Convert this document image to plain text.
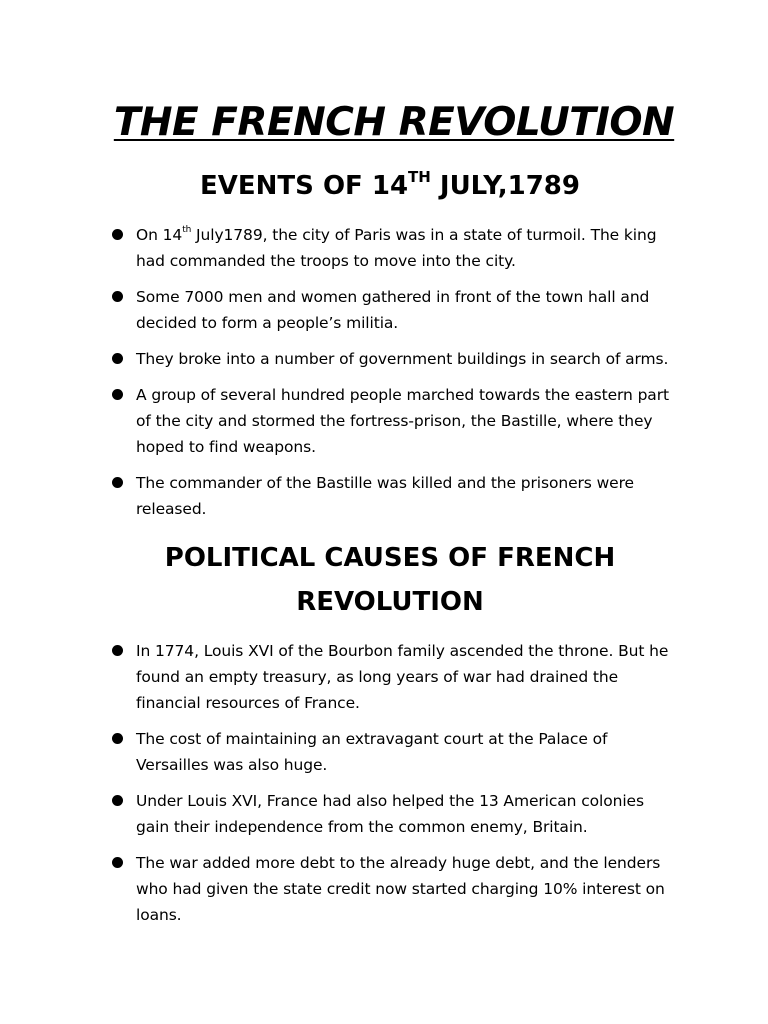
THE FRENCH REVOLUTION
EVENTS OF 14TH JULY,1789
On 14th July1789, the city of Paris was in a state of turmoil. The king had commanded the troops to move into the city.
Some 7000 men and women gathered in front of the town hall and decided to form a people’s militia.
They broke into a number of government buildings in search of arms.
A group of several hundred people marched towards the eastern part of the city and stormed the fortress-prison, the Bastille, where they hoped to find weapons.
The commander of the Bastille was killed and the prisoners were released.
POLITICAL CAUSES OF FRENCH REVOLUTION
In 1774, Louis XVI of the Bourbon family ascended the throne. But he found an empty treasury, as long years of war had drained the financial resources of France.
The cost of maintaining an extravagant court at the Palace of Versailles was also huge.
Under Louis XVI, France had also helped the 13 American colonies gain their independence from the common enemy, Britain.
The war added more debt to the already huge debt, and the lenders who had given the state credit now started charging 10% interest on loans.
